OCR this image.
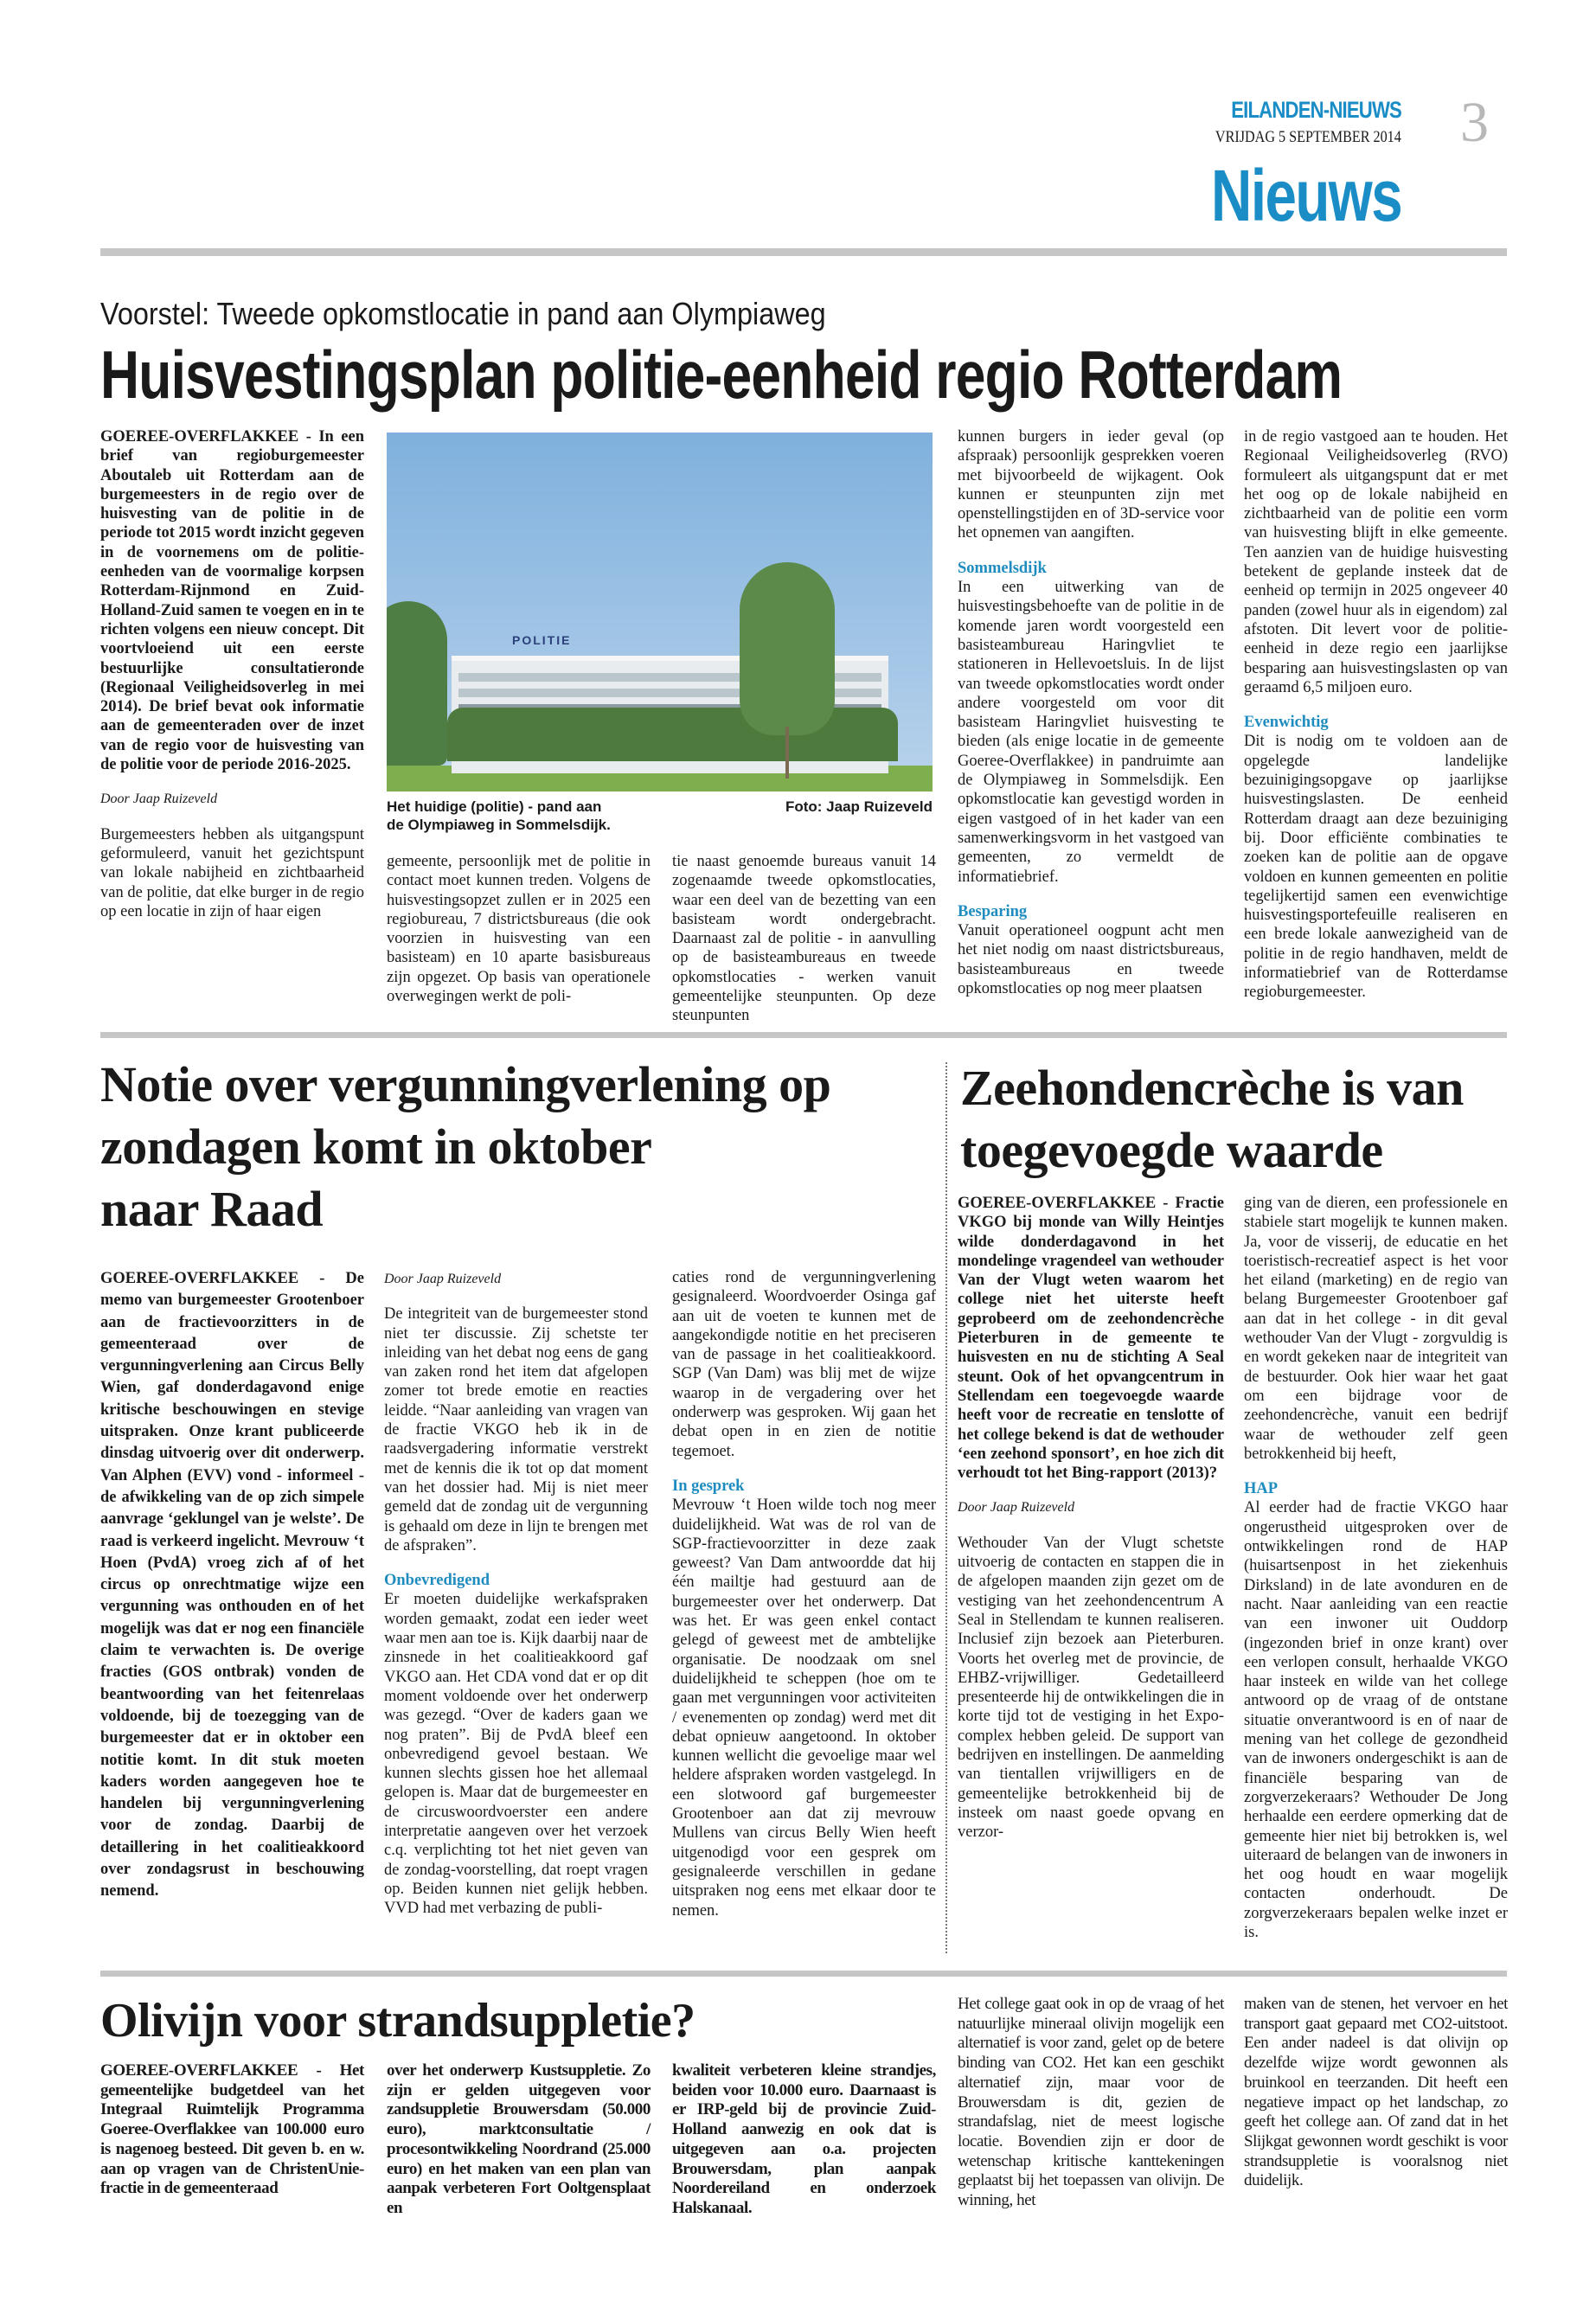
EILANDEN-NIEUWS
VRIJDAG 5 SEPTEMBER 2014 3
Nieuws
Voorstel: Tweede opkomstlocatie in pand aan Olympiaweg
Huisvestingsplan politie-eenheid regio Rotterdam
POLITIE
Het huidige (politie) - pand aan de Olympiaweg in Sommelsdijk.
Foto: Jaap Ruizeveld
GOEREE-OVERFLAKKEE - In een brief van regioburgemeester Aboutaleb uit Rotterdam aan de burgemeesters in de regio over de huisvesting van de politie in de periode tot 2015 wordt inzicht gegeven in de voornemens om de politie-eenheden van de voormalige korpsen Rotterdam-Rijnmond en Zuid-Holland-Zuid samen te voegen en in te richten volgens een nieuw concept. Dit voortvloeiend uit een eerste bestuurlijke consultatieronde (Regionaal Veiligheidsoverleg in mei 2014). De brief bevat ook informatie aan de gemeenteraden over de inzet van de regio voor de huisvesting van de politie voor de periode 2016-2025.
Door Jaap Ruizeveld
Burgemeesters hebben als uitgangspunt geformuleerd, vanuit het gezichtspunt van lokale nabijheid en zichtbaarheid van de politie, dat elke burger in de regio op een locatie in zijn of haar eigen
gemeente, persoonlijk met de politie in contact moet kunnen treden. Volgens de huisvestingsopzet zullen er in 2025 een regiobureau, 7 districtsbureaus (die ook voorzien in huisvesting van een basisteam) en 10 aparte basisbureaus zijn opgezet. Op basis van operationele overwegingen werkt de poli-
tie naast genoemde bureaus vanuit 14 zogenaamde tweede opkomstlocaties, waar een deel van de bezetting van een basisteam wordt ondergebracht. Daarnaast zal de politie - in aanvulling op de basisteambureaus en tweede opkomstlocaties - werken vanuit gemeentelijke steunpunten. Op deze steunpunten
kunnen burgers in ieder geval (op afspraak) persoonlijk gesprekken voeren met bijvoorbeeld de wijkagent. Ook kunnen er steunpunten zijn met openstellingstijden en of 3D-service voor het opnemen van aangiften.
Sommelsdijk
In een uitwerking van de huisvestingsbehoefte van de politie in de komende jaren wordt voorgesteld een basisteambureau Haringvliet te stationeren in Hellevoetsluis. In de lijst van tweede opkomstlocaties wordt onder andere voorgesteld om voor dit basisteam Haringvliet huisvesting te bieden (als enige locatie in de gemeente Goeree-Overflakkee) in pandruimte aan de Olympiaweg in Sommelsdijk. Een opkomstlocatie kan gevestigd worden in eigen vastgoed of in het kader van een samenwerkingsvorm in het vastgoed van gemeenten, zo vermeldt de informatiebrief.
Besparing
Vanuit operationeel oogpunt acht men het niet nodig om naast districtsbureaus, basisteambureaus en tweede opkomstlocaties op nog meer plaatsen
in de regio vastgoed aan te houden. Het Regionaal Veiligheidsoverleg (RVO) formuleert als uitgangspunt dat er met het oog op de lokale nabijheid en zichtbaarheid van de politie een vorm van huisvesting blijft in elke gemeente. Ten aanzien van de huidige huisvesting betekent de geplande insteek dat de eenheid op termijn in 2025 ongeveer 40 panden (zowel huur als in eigendom) zal afstoten. Dit levert voor de politie-eenheid in deze regio een jaarlijkse besparing aan huisvestingslasten op van geraamd 6,5 miljoen euro.
Evenwichtig
Dit is nodig om te voldoen aan de opgelegde landelijke bezuinigingsopgave op jaarlijkse huisvestingslasten. De eenheid Rotterdam draagt aan deze bezuiniging bij. Door efficiënte combinaties te zoeken kan de politie aan de opgave voldoen en kunnen gemeenten en politie tegelijkertijd samen een evenwichtige huisvestingsportefeuille realiseren en een brede lokale aanwezigheid van de politie in de regio handhaven, meldt de informatiebrief van de Rotterdamse regioburgemeester.
Notie over vergunningverlening op
zondagen komt in oktober
naar Raad
GOEREE-OVERFLAKKEE - De memo van burgemeester Grootenboer aan de fractievoorzitters in de gemeenteraad over de vergunningverlening aan Circus Belly Wien, gaf donderdagavond enige kritische beschouwingen en stevige uitspraken. Onze krant publiceerde dinsdag uitvoerig over dit onderwerp. Van Alphen (EVV) vond - informeel - de afwikkeling van de op zich simpele aanvrage ‘geklungel van je welste’. De raad is verkeerd ingelicht. Mevrouw ‘t Hoen (PvdA) vroeg zich af of het circus op onrechtmatige wijze een vergunning was onthouden en of het mogelijk was dat er nog een financiële claim te verwachten is. De overige fracties (GOS ontbrak) vonden de beantwoording van het feitenrelaas voldoende, bij de toezegging van de burgemeester dat er in oktober een notitie komt. In dit stuk moeten kaders worden aangegeven hoe te handelen bij vergunningverlening voor de zondag. Daarbij de detaillering in het coalitieakkoord over zondagsrust in beschouwing nemend.
Door Jaap Ruizeveld
De integriteit van de burgemeester stond niet ter discussie. Zij schetste ter inleiding van het debat nog eens de gang van zaken rond het item dat afgelopen zomer tot brede emotie en reacties leidde. “Naar aanleiding van vragen van de fractie VKGO heb ik in de raadsvergadering informatie verstrekt met de kennis die ik tot op dat moment van het dossier had. Mij is niet meer gemeld dat de zondag uit de vergunning is gehaald om deze in lijn te brengen met de afspraken”.
Onbevredigend
Er moeten duidelijke werkafspraken worden gemaakt, zodat een ieder weet waar men aan toe is. Kijk daarbij naar de zinsnede in het coalitieakkoord gaf VKGO aan. Het CDA vond dat er op dit moment voldoende over het onderwerp was gezegd. “Over de kaders gaan we nog praten”. Bij de PvdA bleef een onbevredigend gevoel bestaan. We kunnen slechts gissen hoe het allemaal gelopen is. Maar dat de burgemeester en de circuswoordvoerster een andere interpretatie aangeven over het verzoek c.q. verplichting tot het niet geven van de zondag-voorstelling, dat roept vragen op. Beiden kunnen niet gelijk hebben. VVD had met verbazing de publi-
caties rond de vergunningverlening gesignaleerd. Woordvoerder Osinga gaf aan uit de voeten te kunnen met de aangekondigde notitie en het preciseren van de passage in het coalitieakkoord. SGP (Van Dam) was blij met de wijze waarop in de vergadering over het onderwerp was gesproken. Wij gaan het debat open in en zien de notitie tegemoet.
In gesprek
Mevrouw ‘t Hoen wilde toch nog meer duidelijkheid. Wat was de rol van de SGP-fractievoorzitter in deze zaak geweest? Van Dam antwoordde dat hij één mailtje had gestuurd aan de burgemeester over het onderwerp. Dat was het. Er was geen enkel contact gelegd of geweest met de ambtelijke organisatie. De noodzaak om snel duidelijkheid te scheppen (hoe om te gaan met vergunningen voor activiteiten / evenementen op zondag) werd met dit debat opnieuw aangetoond. In oktober kunnen wellicht die gevoelige maar wel heldere afspraken worden vastgelegd. In een slotwoord gaf burgemeester Grootenboer aan dat zij mevrouw Mullens van circus Belly Wien heeft uitgenodigd voor een gesprek om gesignaleerde verschillen in gedane uitspraken nog eens met elkaar door te nemen.
Zeehondencrèche is van
toegevoegde waarde
GOEREE-OVERFLAKKEE - Fractie VKGO bij monde van Willy Heintjes wilde donderdagavond in het mondelinge vragendeel van wethouder Van der Vlugt weten waarom het college niet het uiterste heeft geprobeerd om de zeehondencrèche Pieterburen in de gemeente te huisvesten en nu de stichting A Seal steunt. Ook of het opvangcentrum in Stellendam een toegevoegde waarde heeft voor de recreatie en tenslotte of het college bekend is dat de wethouder ‘een zeehond sponsort’, en hoe zich dit verhoudt tot het Bing-rapport (2013)?
Door Jaap Ruizeveld
Wethouder Van der Vlugt schetste uitvoerig de contacten en stappen die in de afgelopen maanden zijn gezet om de vestiging van het zeehondencentrum A Seal in Stellendam te kunnen realiseren. Inclusief zijn bezoek aan Pieterburen. Voorts het overleg met de provincie, de EHBZ-vrijwilliger. Gedetailleerd presenteerde hij de ontwikkelingen die in korte tijd tot de vestiging in het Expo-complex hebben geleid. De support van bedrijven en instellingen. De aanmelding van tientallen vrijwilligers en de gemeentelijke betrokkenheid bij de insteek om naast goede opvang en verzor-
ging van de dieren, een professionele en stabiele start mogelijk te kunnen maken. Ja, voor de visserij, de educatie en het toeristisch-recreatief aspect is het voor het eiland (marketing) en de regio van belang Burgemeester Grootenboer gaf aan dat in het college - in dit geval wethouder Van der Vlugt - zorgvuldig is en wordt gekeken naar de integriteit van de bestuurder. Ook hier waar het gaat om een bijdrage voor de zeehondencrèche, vanuit een bedrijf waar de wethouder zelf geen betrokkenheid bij heeft,
HAP
Al eerder had de fractie VKGO haar ongerustheid uitgesproken over de ontwikkelingen rond de HAP (huisartsenpost in het ziekenhuis Dirksland) in de late avonduren en de nacht. Naar aanleiding van een reactie van een inwoner uit Ouddorp (ingezonden brief in onze krant) over een verlopen consult, herhaalde VKGO haar insteek en wilde van het college antwoord op de vraag of de ontstane situatie onverantwoord is en of naar de mening van het college de gezondheid van de inwoners ondergeschikt is aan de financiële besparing van de zorgverzekeraars? Wethouder De Jong herhaalde een eerdere opmerking dat de gemeente hier niet bij betrokken is, wel uiteraard de belangen van de inwoners in het oog houdt en waar mogelijk contacten onderhoudt. De zorgverzekeraars bepalen welke inzet er is.
Olivijn voor strandsuppletie?
GOEREE-OVERFLAKKEE - Het gemeentelijke budgetdeel van het Integraal Ruimtelijk Programma Goeree-Overflakkee van 100.000 euro is nagenoeg besteed. Dit geven b. en w. aan op vragen van de ChristenUnie-fractie in de gemeenteraad
over het onderwerp Kustsuppletie. Zo zijn er gelden uitgegeven voor zandsuppletie Brouwersdam (50.000 euro), marktconsultatie / procesontwikkeling Noordrand (25.000 euro) en het maken van een plan van aanpak verbeteren Fort Ooltgensplaat en
kwaliteit verbeteren kleine strandjes, beiden voor 10.000 euro. Daarnaast is er IRP-geld bij de provincie Zuid-Holland aanwezig en ook dat is uitgegeven aan o.a. projecten Brouwersdam, plan aanpak Noordereiland en onderzoek Halskanaal.
Het college gaat ook in op de vraag of het natuurlijke mineraal olivijn mogelijk een alternatief is voor zand, gelet op de betere binding van CO2. Het kan een geschikt alternatief zijn, maar voor de Brouwersdam is dit, gezien de strandafslag, niet de meest logische locatie. Bovendien zijn er door de wetenschap kritische kanttekeningen geplaatst bij het toepassen van olivijn. De winning, het
maken van de stenen, het vervoer en het transport gaat gepaard met CO2-uitstoot. Een ander nadeel is dat olivijn op dezelfde wijze wordt gewonnen als bruinkool en teerzanden. Dit heeft een negatieve impact op het landschap, zo geeft het college aan. Of zand dat in het Slijkgat gewonnen wordt geschikt is voor strandsuppletie is vooralsnog niet duidelijk.
